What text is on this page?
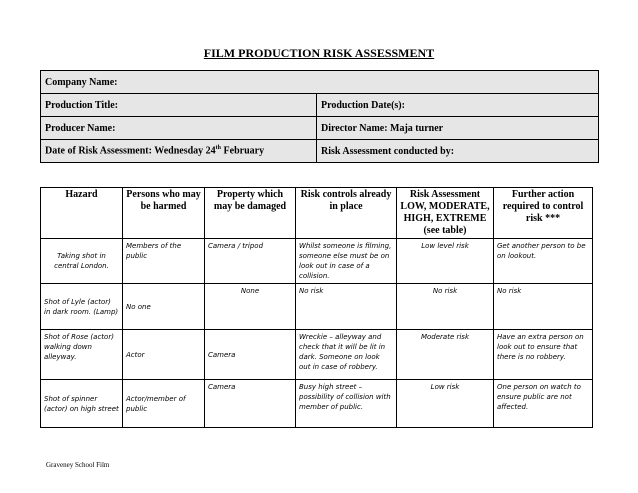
FILM PRODUCTION RISK ASSESSMENT
Company Name:	
Production Title:	Production Date(s):
Producer Name:	Director Name: Maja turner
Date of Risk Assessment: Wednesday 24th February	Risk Assessment conducted by:
Hazard	Persons who may be harmed	Property which may be damaged	Risk controls already in place	Risk Assessment LOW, MODERATE, HIGH, EXTREME (see table)	Further action required to control risk ***
Taking shot in central London.	Members of the public	Camera / tripod	Whilst someone is filming, someone else must be on look out in case of a collision.	Low level risk	Get another person to be on lookout.
Shot of Lyle (actor) in dark room. (Lamp)	No one	None	No risk	No risk	No risk
Shot of Rose (actor) walking down alleyway.	Actor	Camera	Wreckie – alleyway and check that it will be lit in dark. Someone on look out in case of robbery.	Moderate risk	Have an extra person on look out to ensure that there is no robbery.
Shot of spinner (actor) on high street	Actor/member of public	Camera	Busy high street – possibility of collision with member of public.	Low risk	One person on watch to ensure public are not affected.
Graveney School Film
